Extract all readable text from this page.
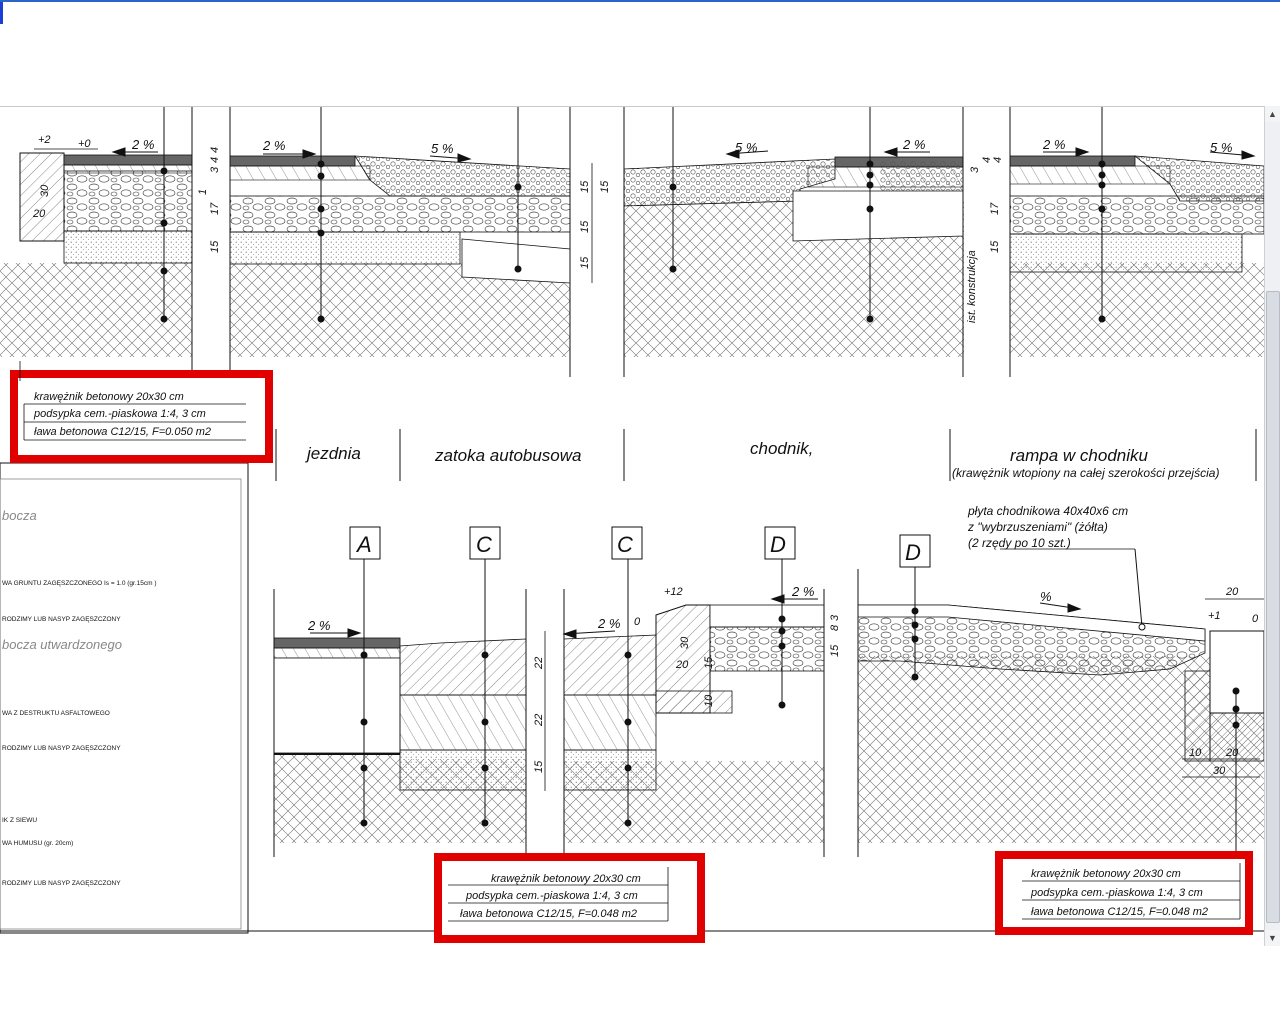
2 %	2 %	5 %	5 %	2 %	2 %	5 %
+2 +0
30
20
1
3
4
4
17
15
15 15
15
15
3
4 4
17
15
ist. konstrukcja
jezdnia	zatoka autobusowa	chodnik,	rampa w chodniku
(krawężnik wtopiony na całej szerokości przejścia)
bocza
WA GRUNTU ZAGĘSZCZONEGO Is = 1.0 (gr.15cm )
RODZIMY LUB NASYP ZAGĘSZCZONY
bocza utwardzonego
WA Z DESTRUKTU ASFALTOWEGO
RODZIMY LUB NASYP ZAGĘSZCZONY
IK Z SIEWU
WA HUMUSU (gr. 20cm)
RODZIMY LUB NASYP ZAGĘSZCZONY
A	C	C	D	D
płyta chodnikowa 40x40x6 cm
z "wybrzuszeniami" (żółta)
(2 rzędy po 10 szt.)
2 %	2 %
2 %	%
+12
0	+1	0
22
22
15
30
20 15
10
3
8
15
20
10 20
30
krawężnik betonowy 20x30 cm
podsypka cem.-piaskowa 1:4, 3 cm
ława betonowa C12/15, F=0.050 m2
krawężnik betonowy 20x30 cm
podsypka cem.-piaskowa 1:4, 3 cm
ława betonowa C12/15, F=0.048 m2
krawężnik betonowy 20x30 cm
podsypka cem.-piaskowa 1:4, 3 cm
ława betonowa C12/15, F=0.048 m2
▲
▼
